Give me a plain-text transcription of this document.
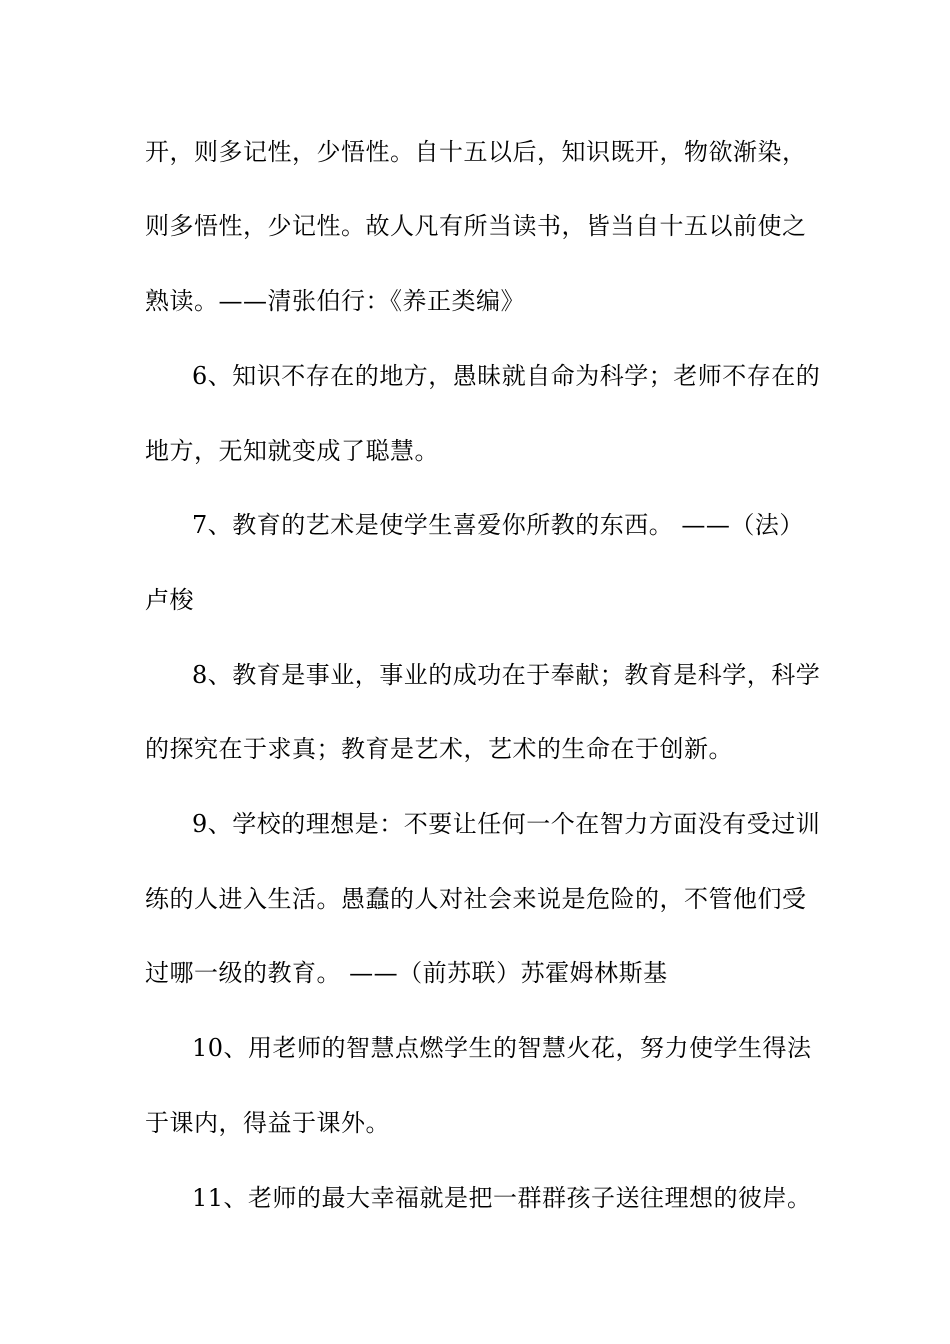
开，则多记性，少悟性。自十五以后，知识既开，物欲渐染，
则多悟性，少记性。故人凡有所当读书，皆当自十五以前使之
熟读。——清张伯行：《养正类编》
6、知识不存在的地方，愚昧就自命为科学；老师不存在的
地方，无知就变成了聪慧。
7、教育的艺术是使学生喜爱你所教的东西。 ——（法）
卢梭
8、教育是事业，事业的成功在于奉献；教育是科学，科学
的探究在于求真；教育是艺术，艺术的生命在于创新。
9、学校的理想是：不要让任何一个在智力方面没有受过训
练的人进入生活。愚蠢的人对社会来说是危险的，不管他们受
过哪一级的教育。 ——（前苏联）苏霍姆林斯基
10、用老师的智慧点燃学生的智慧火花，努力使学生得法
于课内，得益于课外。
11、老师的最大幸福就是把一群群孩子送往理想的彼岸。
